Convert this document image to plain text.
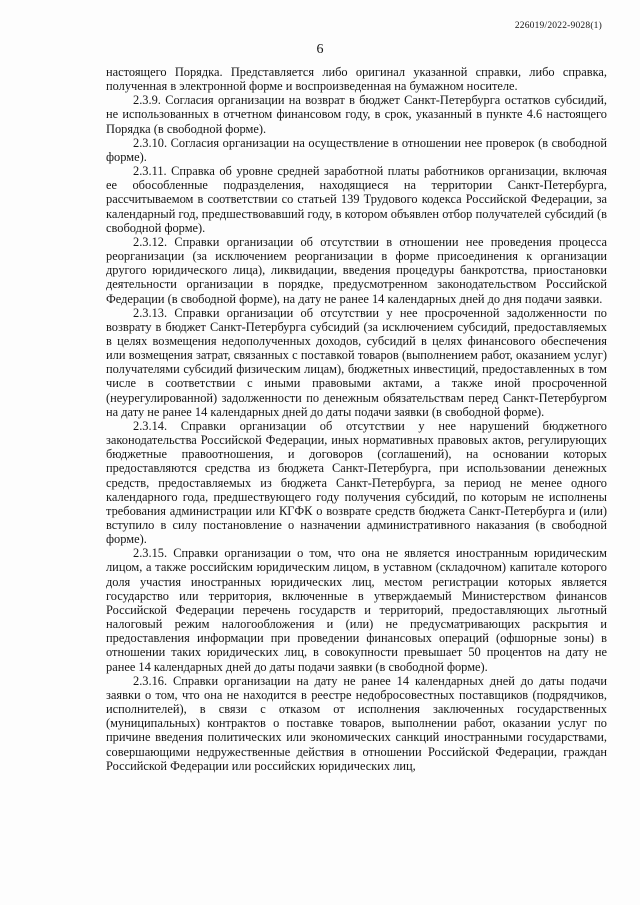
226019/2022-9028(1)
6

настоящего Порядка. Представляется либо оригинал указанной справки, либо справка, полученная в электронной форме и воспроизведенная на бумажном носителе.

2.3.9. Согласия организации на возврат в бюджет Санкт-Петербурга остатков субсидий, не использованных в отчетном финансовом году, в срок, указанный в пункте 4.6 настоящего Порядка (в свободной форме).

2.3.10. Согласия организации на осуществление в отношении нее проверок (в свободной форме).

2.3.11. Справка об уровне средней заработной платы работников организации, включая ее обособленные подразделения, находящиеся на территории Санкт-Петербурга, рассчитываемом в соответствии со статьей 139 Трудового кодекса Российской Федерации, за календарный год, предшествовавший году, в котором объявлен отбор получателей субсидий (в свободной форме).

2.3.12. Справки организации об отсутствии в отношении нее проведения процесса реорганизации (за исключением реорганизации в форме присоединения к организации другого юридического лица), ликвидации, введения процедуры банкротства, приостановки деятельности организации в порядке, предусмотренном законодательством Российской Федерации (в свободной форме), на дату не ранее 14 календарных дней до дня подачи заявки.

2.3.13. Справки организации об отсутствии у нее просроченной задолженности по возврату в бюджет Санкт-Петербурга субсидий (за исключением субсидий, предоставляемых в целях возмещения недополученных доходов, субсидий в целях финансового обеспечения или возмещения затрат, связанных с поставкой товаров (выполнением работ, оказанием услуг) получателями субсидий физическим лицам), бюджетных инвестиций, предоставленных в том числе в соответствии с иными правовыми актами, а также иной просроченной (неурегулированной) задолженности по денежным обязательствам перед Санкт-Петербургом на дату не ранее 14 календарных дней до даты подачи заявки (в свободной форме).

2.3.14. Справки организации об отсутствии у нее нарушений бюджетного законодательства Российской Федерации, иных нормативных правовых актов, регулирующих бюджетные правоотношения, и договоров (соглашений), на основании которых предоставляются средства из бюджета Санкт-Петербурга, при использовании денежных средств, предоставляемых из бюджета Санкт-Петербурга, за период не менее одного календарного года, предшествующего году получения субсидий, по которым не исполнены требования администрации или КГФК о возврате средств бюджета Санкт-Петербурга и (или) вступило в силу постановление о назначении административного наказания (в свободной форме).

2.3.15. Справки организации о том, что она не является иностранным юридическим лицом, а также российским юридическим лицом, в уставном (складочном) капитале которого доля участия иностранных юридических лиц, местом регистрации которых является государство или территория, включенные в утверждаемый Министерством финансов Российской Федерации перечень государств и территорий, предоставляющих льготный налоговый режим налогообложения и (или) не предусматривающих раскрытия и предоставления информации при проведении финансовых операций (офшорные зоны) в отношении таких юридических лиц, в совокупности превышает 50 процентов на дату не ранее 14 календарных дней до даты подачи заявки (в свободной форме).

2.3.16. Справки организации на дату не ранее 14 календарных дней до даты подачи заявки о том, что она не находится в реестре недобросовестных поставщиков (подрядчиков, исполнителей), в связи с отказом от исполнения заключенных государственных (муниципальных) контрактов о поставке товаров, выполнении работ, оказании услуг по причине введения политических или экономических санкций иностранными государствами, совершающими недружественные действия в отношении Российской Федерации, граждан Российской Федерации или российских юридических лиц,
